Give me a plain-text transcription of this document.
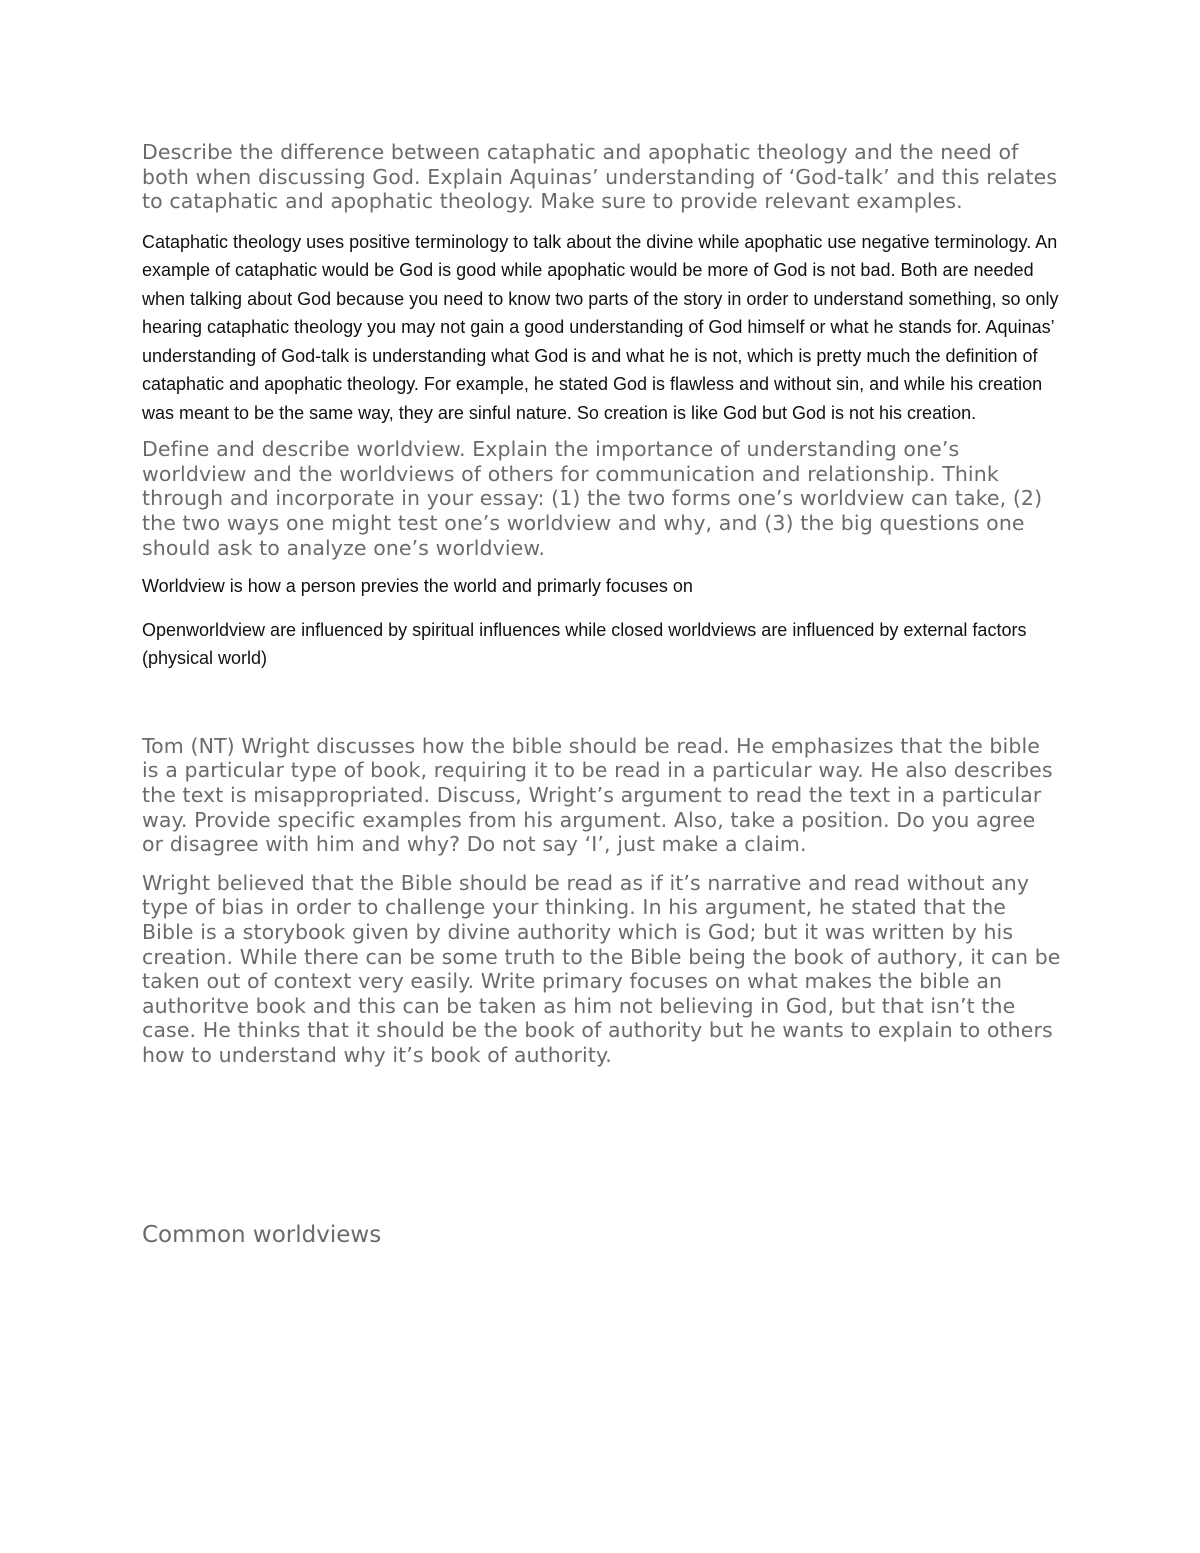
Describe the difference between cataphatic and apophatic theology and the need of both when discussing God. Explain Aquinas’ understanding of ‘God-talk’ and this relates to cataphatic and apophatic theology. Make sure to provide relevant examples.

Cataphatic theology uses positive terminology to talk about the divine while apophatic use negative terminology. An example of cataphatic would be God is good while apophatic would be more of God is not bad. Both are needed when talking about God because you need to know two parts of the story in order to understand something, so only hearing cataphatic theology you may not gain a good understanding of God himself or what he stands for. Aquinas’ understanding of God-talk is understanding what God is and what he is not, which is pretty much the definition of cataphatic and apophatic theology. For example, he stated God is flawless and without sin, and while his creation was meant to be the same way, they are sinful nature. So creation is like God but God is not his creation.

Define and describe worldview. Explain the importance of understanding one’s worldview and the worldviews of others for communication and relationship. Think through and incorporate in your essay: (1) the two forms one’s worldview can take, (2) the two ways one might test one’s worldview and why, and (3) the big questions one should ask to analyze one’s worldview.

Worldview is how a person previes the world and primarly focuses on

Openworldview are influenced by spiritual influences while closed worldviews are influenced by external factors (physical world)

Tom (NT) Wright discusses how the bible should be read. He emphasizes that the bible is a particular type of book, requiring it to be read in a particular way. He also describes the text is misappropriated. Discuss, Wright’s argument to read the text in a particular way. Provide specific examples from his argument. Also, take a position. Do you agree or disagree with him and why? Do not say ‘I’, just make a claim.

Wright believed that the Bible should be read as if it’s narrative and read without any type of bias in order to challenge your thinking. In his argument, he stated that the Bible is a storybook given by divine authority which is God; but it was written by his creation. While there can be some truth to the Bible being the book of authory, it can be taken out of context very easily. Write primary focuses on what makes the bible an authoritve book and this can be taken as him not believing in God, but that isn’t the case. He thinks that it should be the book of authority but he wants to explain to others how to understand why it’s book of authority.

Common worldviews
